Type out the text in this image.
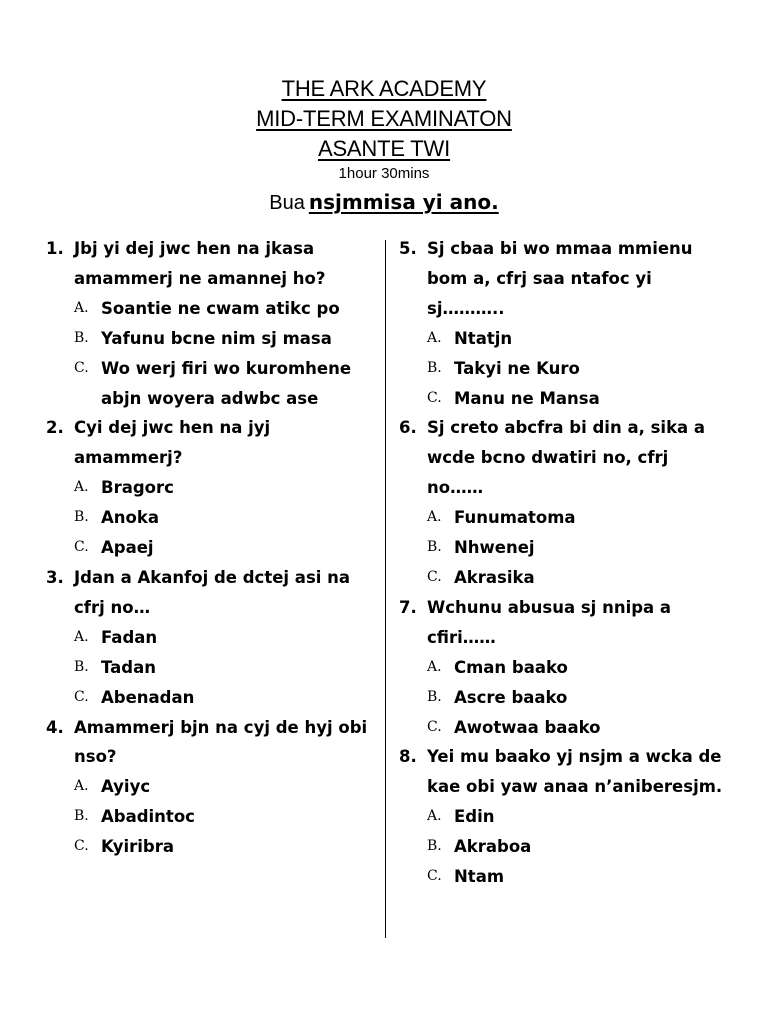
THE ARK ACADEMY
MID-TERM EXAMINATON
ASANTE TWI
1hour 30mins
Bua nsjmmisa yi ano.
1. Jbj yi dej jwc hen na jkasa amammerj ne amannej ho?
A. Soantie ne cwam atikc po
B. Yafunu bcne nim sj masa
C. Wo werj firi wo kuromhene abjn woyera adwbc ase
2. Cyi dej jwc hen na jyj amammerj?
A. Bragorc
B. Anoka
C. Apaej
3. Jdan a Akanfoj de dctej asi na cfrj no…
A. Fadan
B. Tadan
C. Abenadan
4. Amammerj bjn na cyj de hyj obi nso?
A. Ayiyc
B. Abadintoc
C. Kyiribra
5. Sj cbaa bi wo mmaa mmienu bom a, cfrj saa ntafoc yi sj………..
A. Ntatjn
B. Takyi ne Kuro
C. Manu ne Mansa
6. Sj creto abcfra bi din a, sika a wcde bcno dwatiri no, cfrj no……
A. Funumatoma
B. Nhwenej
C. Akrasika
7. Wchunu abusua sj nnipa a cfiri……
A. Cman baako
B. Ascre baako
C. Awotwaa baako
8. Yei mu baako yj nsjm a wcka de kae obi yaw anaa n’aniberesjm.
A. Edin
B. Akraboa
C. Ntam
